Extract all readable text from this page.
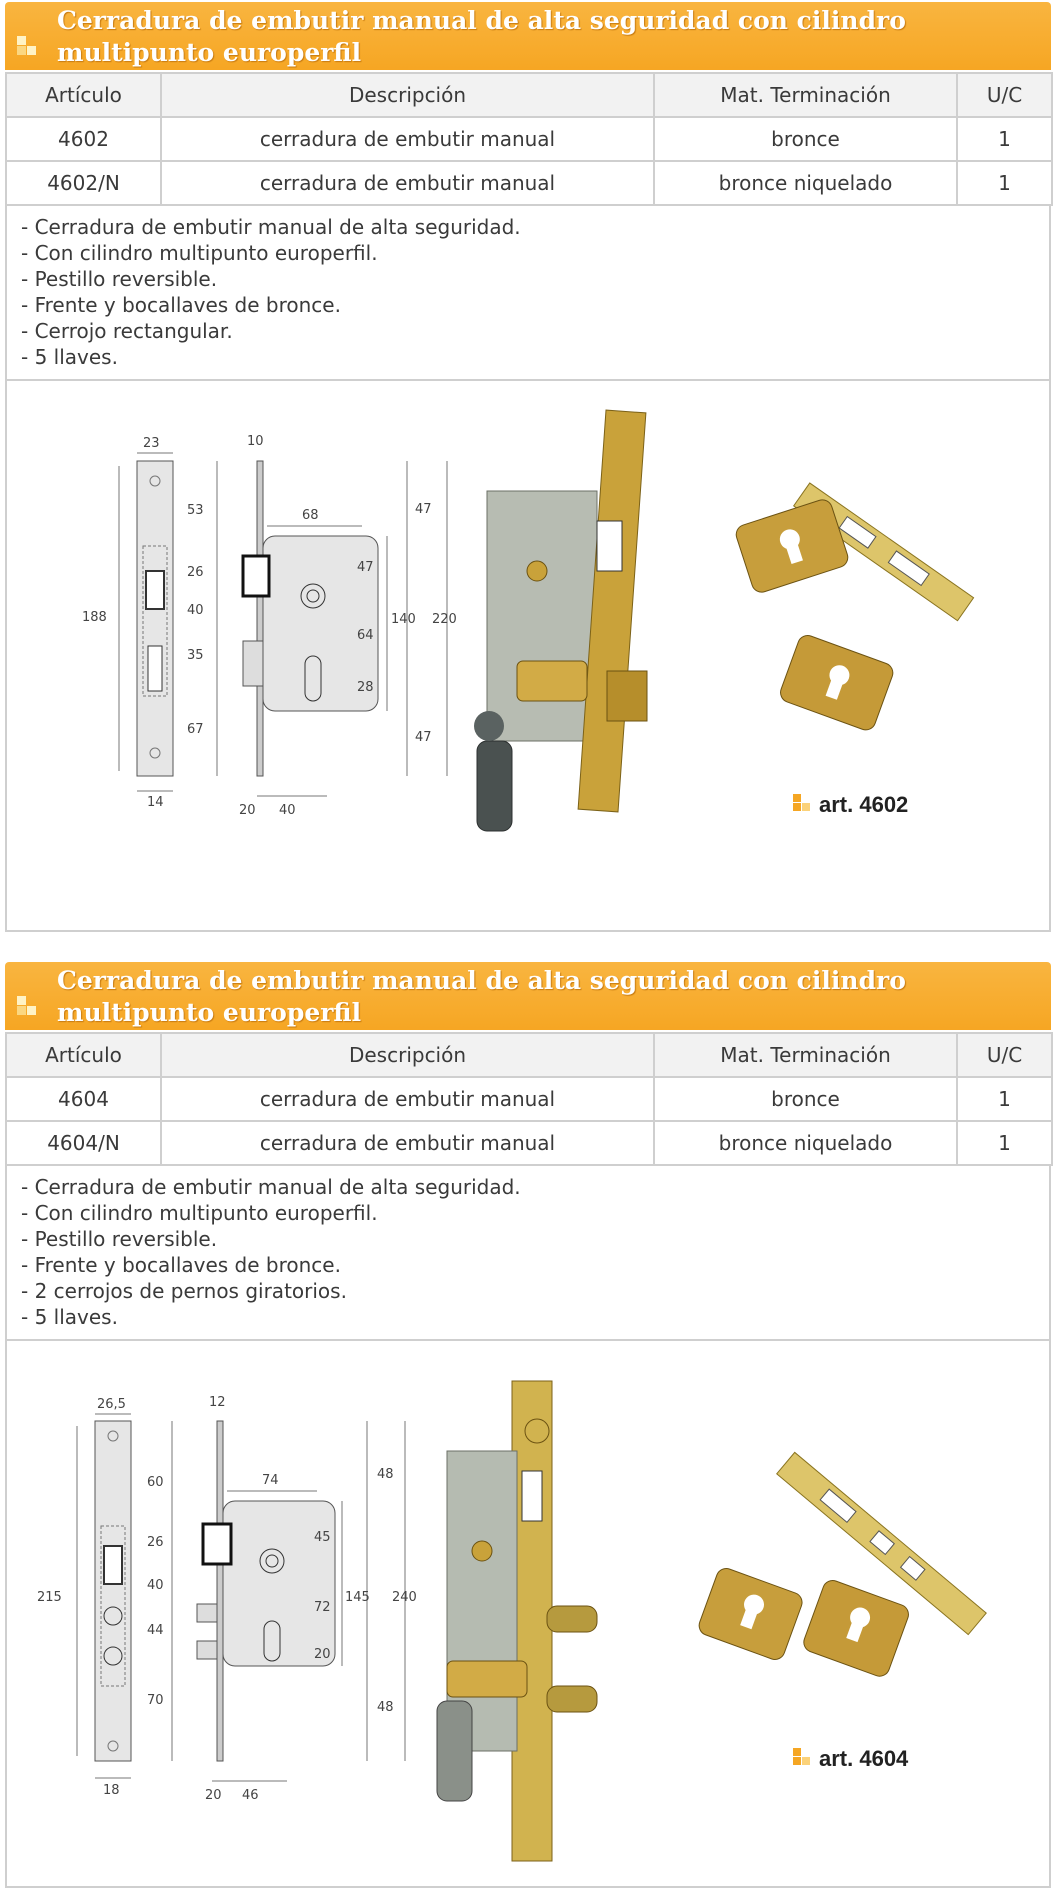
Cerradura de embutir manual de alta seguridad con cilindro multipunto europerfil
Artículo	Descripción	Mat. Terminación	U/C
4602	cerradura de embutir manual	bronce	1
4602/N	cerradura de embutir manual	bronce niquelado	1
- Cerradura de embutir manual de alta seguridad.
- Con cilindro multipunto europerfil.
- Pestillo reversible.
- Frente y bocallaves de bronce.
- Cerrojo rectangular.
- 5 llaves.
23
188
53
26
40
35
67
14
10
68	47
47
64
28
47
140 220
20 40	art. 4602
Cerradura de embutir manual de alta seguridad con cilindro multipunto europerfil
Artículo	Descripción	Mat. Terminación	U/C
4604	cerradura de embutir manual	bronce	1
4604/N	cerradura de embutir manual	bronce niquelado	1
- Cerradura de embutir manual de alta seguridad.
- Con cilindro multipunto europerfil.
- Pestillo reversible.
- Frente y bocallaves de bronce.
- 2 cerrojos de pernos giratorios.
- 5 llaves.
26,5
215
60
26
40
44
70
18
12
74	48
45
72
20
48
145 240
20 46
art. 4604
